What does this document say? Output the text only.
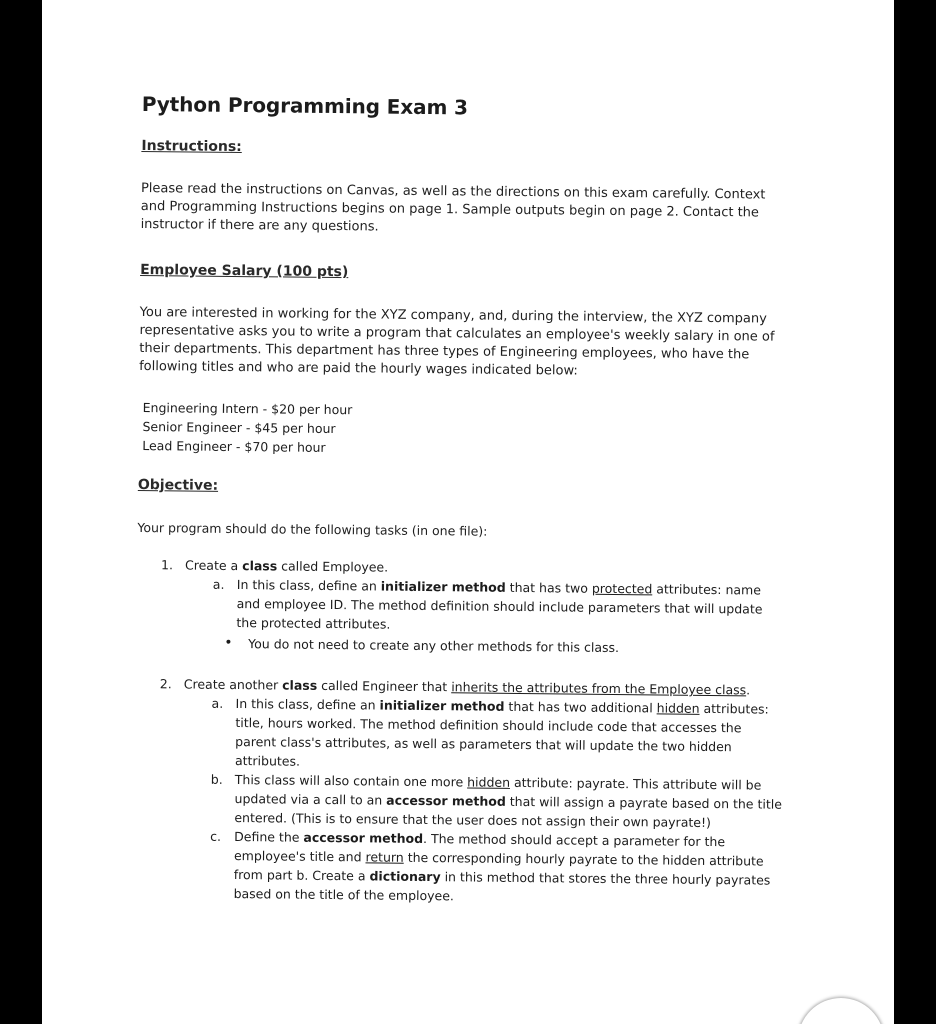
Python Programming Exam 3

Instructions:

Please read the instructions on Canvas, as well as the directions on this exam carefully. Context and Programming Instructions begins on page 1. Sample outputs begin on page 2. Contact the instructor if there are any questions.

Employee Salary (100 pts)

You are interested in working for the XYZ company, and, during the interview, the XYZ company representative asks you to write a program that calculates an employee's weekly salary in one of their departments. This department has three types of Engineering employees, who have the following titles and who are paid the hourly wages indicated below:

Engineering Intern - $20 per hour
Senior Engineer - $45 per hour
Lead Engineer - $70 per hour

Objective:

Your program should do the following tasks (in one file):

1. Create a class called Employee.
a. In this class, define an initializer method that has two protected attributes: name and employee ID. The method definition should include parameters that will update the protected attributes.
• You do not need to create any other methods for this class.
2. Create another class called Engineer that inherits the attributes from the Employee class.
a. In this class, define an initializer method that has two additional hidden attributes: title, hours worked. The method definition should include code that accesses the parent class's attributes, as well as parameters that will update the two hidden attributes.
b. This class will also contain one more hidden attribute: payrate. This attribute will be updated via a call to an accessor method that will assign a payrate based on the title entered. (This is to ensure that the user does not assign their own payrate!)
c. Define the accessor method. The method should accept a parameter for the employee's title and return the corresponding hourly payrate to the hidden attribute from part b. Create a dictionary in this method that stores the three hourly payrates based on the title of the employee.
